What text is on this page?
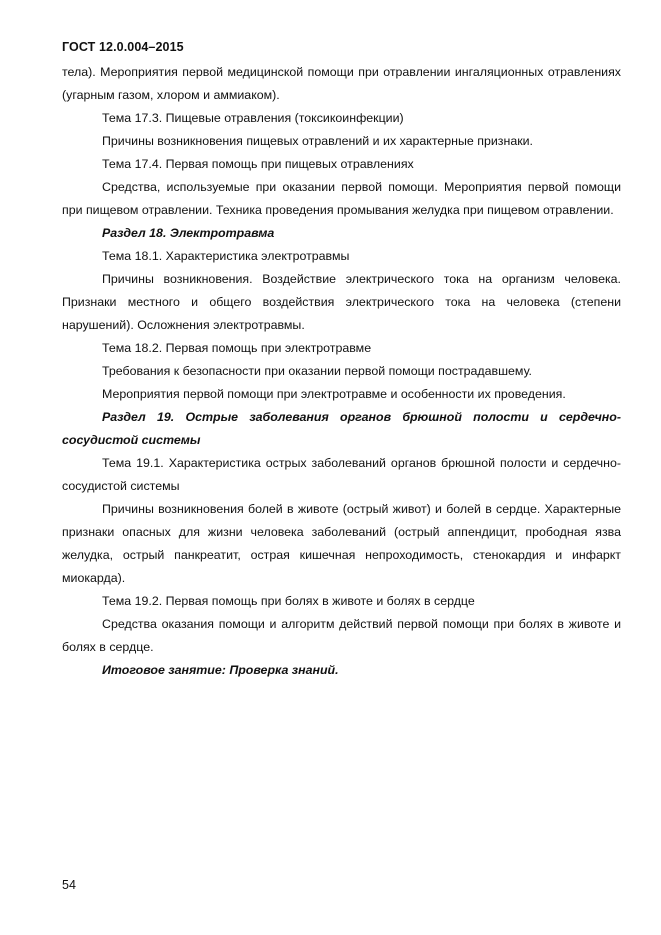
ГОСТ 12.0.004–2015

тела). Мероприятия первой медицинской помощи при отравлении ингаляционных отравлениях (угарным газом, хлором и аммиаком).

Тема 17.3. Пищевые отравления (токсикоинфекции)

Причины возникновения пищевых отравлений и их характерные признаки.

Тема 17.4. Первая помощь при пищевых отравлениях

Средства, используемые при оказании первой помощи. Мероприятия первой помощи при пищевом отравлении. Техника проведения промывания желудка при пищевом отравлении.

Раздел 18. Электротравма

Тема 18.1. Характеристика электротравмы

Причины возникновения. Воздействие электрического тока на организм человека. Признаки местного и общего воздействия электрического тока на человека (степени нарушений). Осложнения электротравмы.

Тема 18.2. Первая помощь при электротравме

Требования к безопасности при оказании первой помощи пострадавшему.

Мероприятия первой помощи при электротравме и особенности их проведения.

Раздел 19. Острые заболевания органов брюшной полости и сердечно-сосудистой системы

Тема 19.1. Характеристика острых заболеваний органов брюшной полости и сердечно-сосудистой системы

Причины возникновения болей в животе (острый живот) и болей в сердце. Характерные признаки опасных для жизни человека заболеваний (острый аппендицит, прободная язва желудка, острый панкреатит, острая кишечная непроходимость, стенокардия и инфаркт миокарда).

Тема 19.2. Первая помощь при болях в животе и болях в сердце

Средства оказания помощи и алгоритм действий первой помощи при болях в животе и болях в сердце.

Итоговое занятие: Проверка знаний.

54
